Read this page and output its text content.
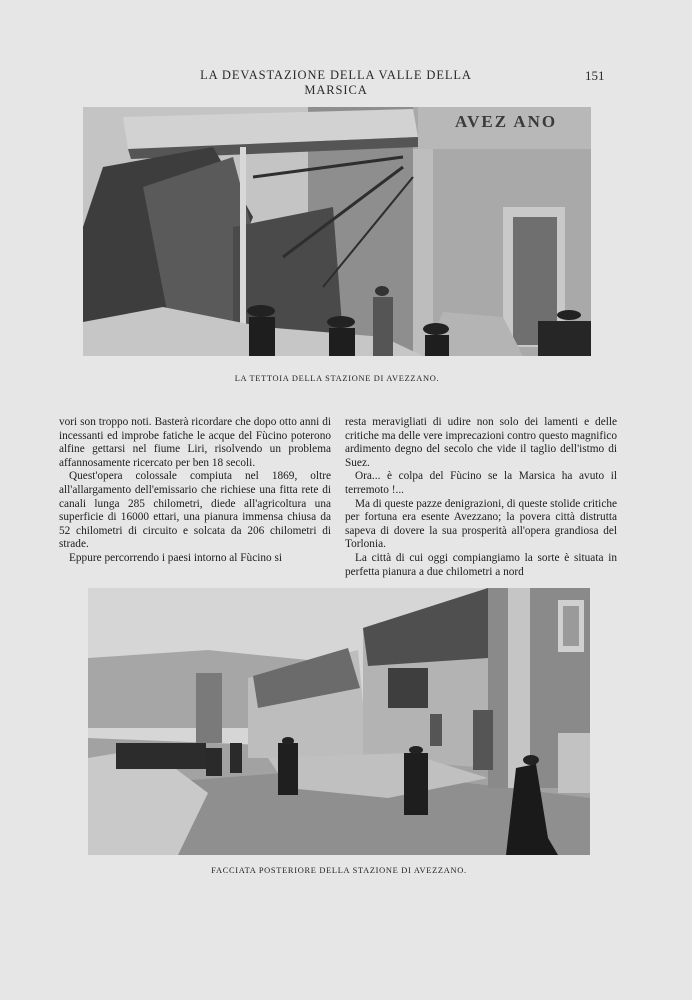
LA DEVASTAZIONE DELLA VALLE DELLA MARSICA
151
AVEZ ANO
LA TETTOIA DELLA STAZIONE DI AVEZZANO.

vori son troppo noti. Basterà ricordare che dopo otto anni di incessanti ed improbe fatiche le acque del Fùcino poterono alfine gettarsi nel fiume Liri, risolvendo un problema affannosamente ricercato per ben 18 secoli.

Quest'opera colossale compiuta nel 1869, oltre all'allargamento dell'emissario che richiese una fitta rete di canali lunga 285 chilometri, diede all'agricoltura una superficie di 16000 ettari, una pianura immensa chiusa da 52 chilometri di circuito e solcata da 206 chilometri di strade.

Eppure percorrendo i paesi intorno al Fùcino si

resta meravigliati di udire non solo dei lamenti e delle critiche ma delle vere imprecazioni contro questo magnifico ardimento degno del secolo che vide il taglio dell'istmo di Suez.

Ora... è colpa del Fùcino se la Marsica ha avuto il terremoto !...

Ma di queste pazze denigrazioni, di queste stolide critiche per fortuna era esente Avezzano; la povera città distrutta sapeva di dovere la sua prosperità all'opera grandiosa del Torlonia.

La città di cui oggi compiangiamo la sorte è situata in perfetta pianura a due chilometri a nord

FACCIATA POSTERIORE DELLA STAZIONE DI AVEZZANO.
